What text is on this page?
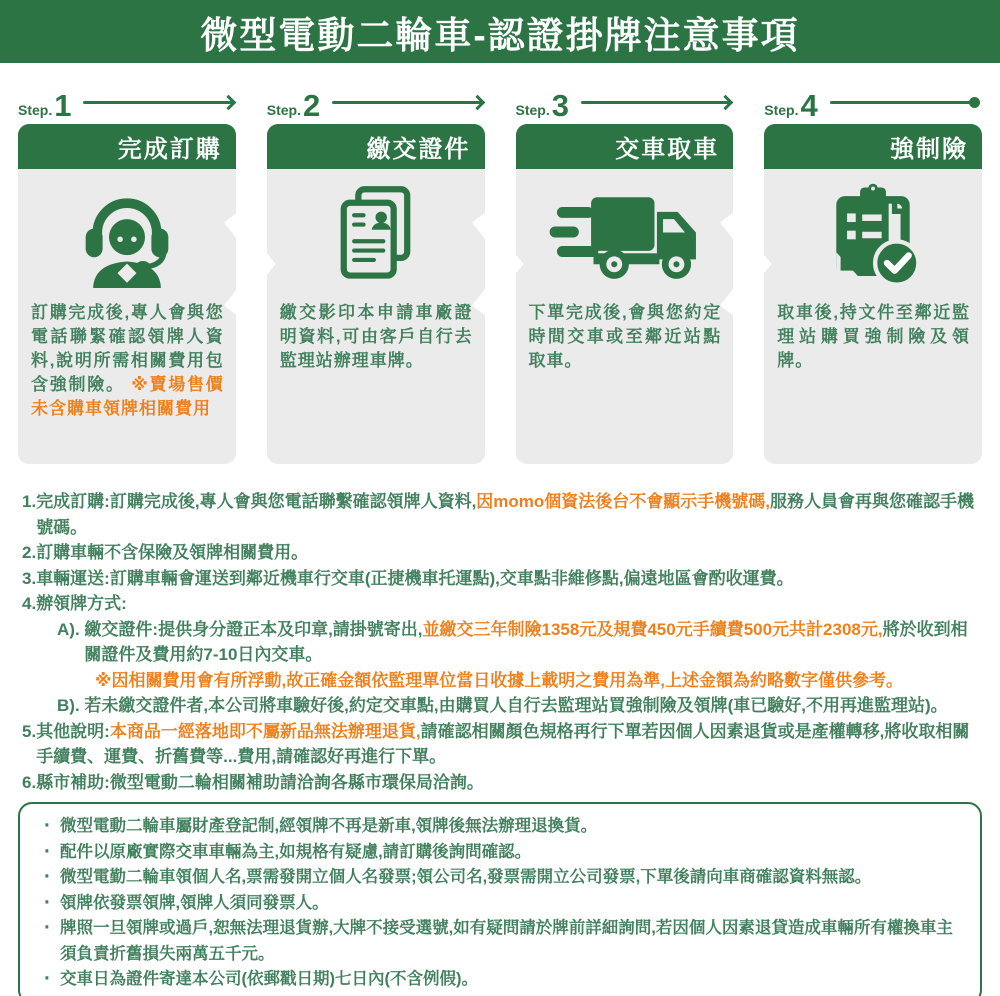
微型電動二輪車-認證掛牌注意事項
Step. 1	Step. 2	Step. 3	Step. 4
完成訂購
訂購完成後,專人會與您電話聯緊確認領牌人資料,說明所需相關費用包含強制險。 ※賣場售價未含購車領牌相關費用
繳交證件
繳交影印本申請車廠證明資料,可由客戶自行去監理站辦理車牌。
交車取車
下單完成後,會與您約定時間交車或至鄰近站點取車。
強制險
取車後,持文件至鄰近監理站購買強制險及領牌。
1. 完成訂購:訂購完成後,專人會與您電話聯繫確認領牌人資料,因momo個資法後台不會顯示手機號碼,服務人員會再與您確認手機號碼。
2. 訂購車輛不含保險及領牌相關費用。
3. 車輛運送:訂購車輛會運送到鄰近機車行交車(正捷機車托運點),交車點非維修點,偏遠地區會酌收運費。
4. 辦領牌方式:
A). 繳交證件:提供身分證正本及印章,請掛號寄出,並繳交三年制險1358元及規費450元手續費500元共計2308元,將於收到相關證件及費用約7-10日內交車。
※因相關費用會有所浮動,故正確金額依監理單位當日收據上載明之費用為準,上述金額為約略數字僅供參考。
B). 若未繳交證件者,本公司將車驗好後,約定交車點,由購買人自行去監理站買強制險及領牌(車已驗好,不用再進監理站)。
5. 其他說明:本商品一經落地即不屬新品無法辦理退貨,請確認相關顏色規格再行下單若因個人因素退貨或是產權轉移,將收取相關手續費、運費、折舊費等...費用,請確認好再進行下單。
6. 縣市補助:微型電動二輪相關補助請洽詢各縣市環保局洽詢。
‧ 微型電動二輪車屬財產登記制,經領牌不再是新車,領牌後無法辦理退換貨。
‧ 配件以原廠實際交車車輛為主,如規格有疑慮,請訂購後詢問確認。
‧ 微型電勤二輪車領個人名,票需發開立個人名發票;領公司名,發票需開立公司發票,下單後請向車商確認資料無認。
‧ 領牌依發票領牌,領牌人須同發票人。
‧ 牌照一旦領牌或過戶,恕無法理退貨辦,大牌不接受選號,如有疑問請於牌前詳細詢問,若因個人因素退貸造成車輛所有權換車主須負責折舊損失兩萬五千元。
‧ 交車日為證件寄達本公司(依郵戳日期)七日內(不含例假)。
